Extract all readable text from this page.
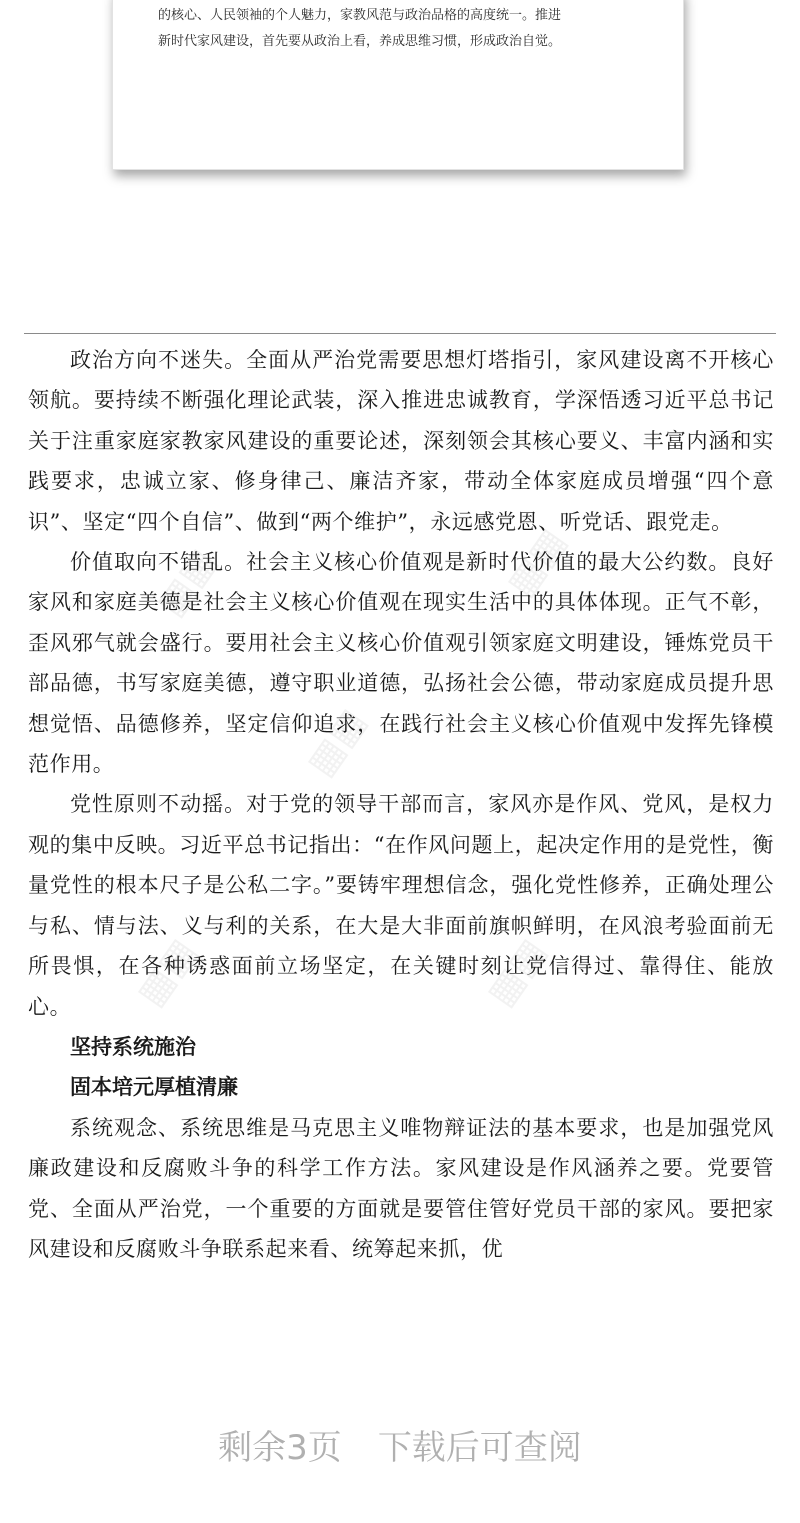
的核心、人民领袖的个人魅力，家教风范与政治品格的高度统一。推进

新时代家风建设，首先要从政治上看，养成思维习惯，形成政治自觉。

政治方向不迷失。全面从严治党需要思想灯塔指引，家风建设离不开核心领航。要持续不断强化理论武装，深入推进忠诚教育，学深悟透习近平总书记关于注重家庭家教家风建设的重要论述，深刻领会其核心要义、丰富内涵和实践要求，忠诚立家、修身律己、廉洁齐家，带动全体家庭成员增强“四个意识”、坚定“四个自信”、做到“两个维护”，永远感党恩、听党话、跟党走。

价值取向不错乱。社会主义核心价值观是新时代价值的最大公约数。良好家风和家庭美德是社会主义核心价值观在现实生活中的具体体现。正气不彰，歪风邪气就会盛行。要用社会主义核心价值观引领家庭文明建设，锤炼党员干部品德，书写家庭美德，遵守职业道德，弘扬社会公德，带动家庭成员提升思想觉悟、品德修养，坚定信仰追求，在践行社会主义核心价值观中发挥先锋模范作用。

党性原则不动摇。对于党的领导干部而言，家风亦是作风、党风，是权力观的集中反映。习近平总书记指出：“在作风问题上，起决定作用的是党性，衡量党性的根本尺子是公私二字。”要铸牢理想信念，强化党性修养，正确处理公与私、情与法、义与利的关系，在大是大非面前旗帜鲜明，在风浪考验面前无所畏惧，在各种诱惑面前立场坚定，在关键时刻让党信得过、靠得住、能放心。

坚持系统施治
固本培元厚植清廉

系统观念、系统思维是马克思主义唯物辩证法的基本要求，也是加强党风廉政建设和反腐败斗争的科学工作方法。家风建设是作风涵养之要。党要管党、全面从严治党，一个重要的方面就是要管住管好党员干部的家风。要把家风建设和反腐败斗争联系起来看、统筹起来抓，优

▦▦	▦▦
▦▦
▦▦	▦▦
剩余3页 下载后可查阅
